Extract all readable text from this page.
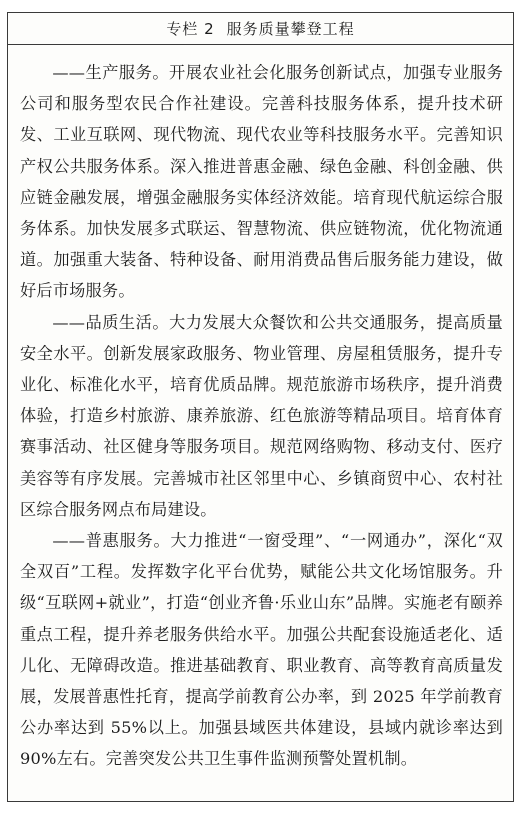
专栏 2 服务质量攀登工程

——生产服务。开展农业社会化服务创新试点，加强专业服务公司和服务型农民合作社建设。完善科技服务体系，提升技术研发、工业互联网、现代物流、现代农业等科技服务水平。完善知识产权公共服务体系。深入推进普惠金融、绿色金融、科创金融、供应链金融发展，增强金融服务实体经济效能。培育现代航运综合服务体系。加快发展多式联运、智慧物流、供应链物流，优化物流通道。加强重大装备、特种设备、耐用消费品售后服务能力建设，做好后市场服务。

——品质生活。大力发展大众餐饮和公共交通服务，提高质量安全水平。创新发展家政服务、物业管理、房屋租赁服务，提升专业化、标准化水平，培育优质品牌。规范旅游市场秩序，提升消费体验，打造乡村旅游、康养旅游、红色旅游等精品项目。培育体育赛事活动、社区健身等服务项目。规范网络购物、移动支付、医疗美容等有序发展。完善城市社区邻里中心、乡镇商贸中心、农村社区综合服务网点布局建设。

——普惠服务。大力推进“一窗受理”、“一网通办”，深化“双全双百”工程。发挥数字化平台优势，赋能公共文化场馆服务。升级“互联网+就业”，打造“创业齐鲁·乐业山东”品牌。实施老有颐养重点工程，提升养老服务供给水平。加强公共配套设施适老化、适儿化、无障碍改造。推进基础教育、职业教育、高等教育高质量发展，发展普惠性托育，提高学前教育公办率，到 2025 年学前教育公办率达到 55%以上。加强县域医共体建设，县域内就诊率达到 90%左右。完善突发公共卫生事件监测预警处置机制。
